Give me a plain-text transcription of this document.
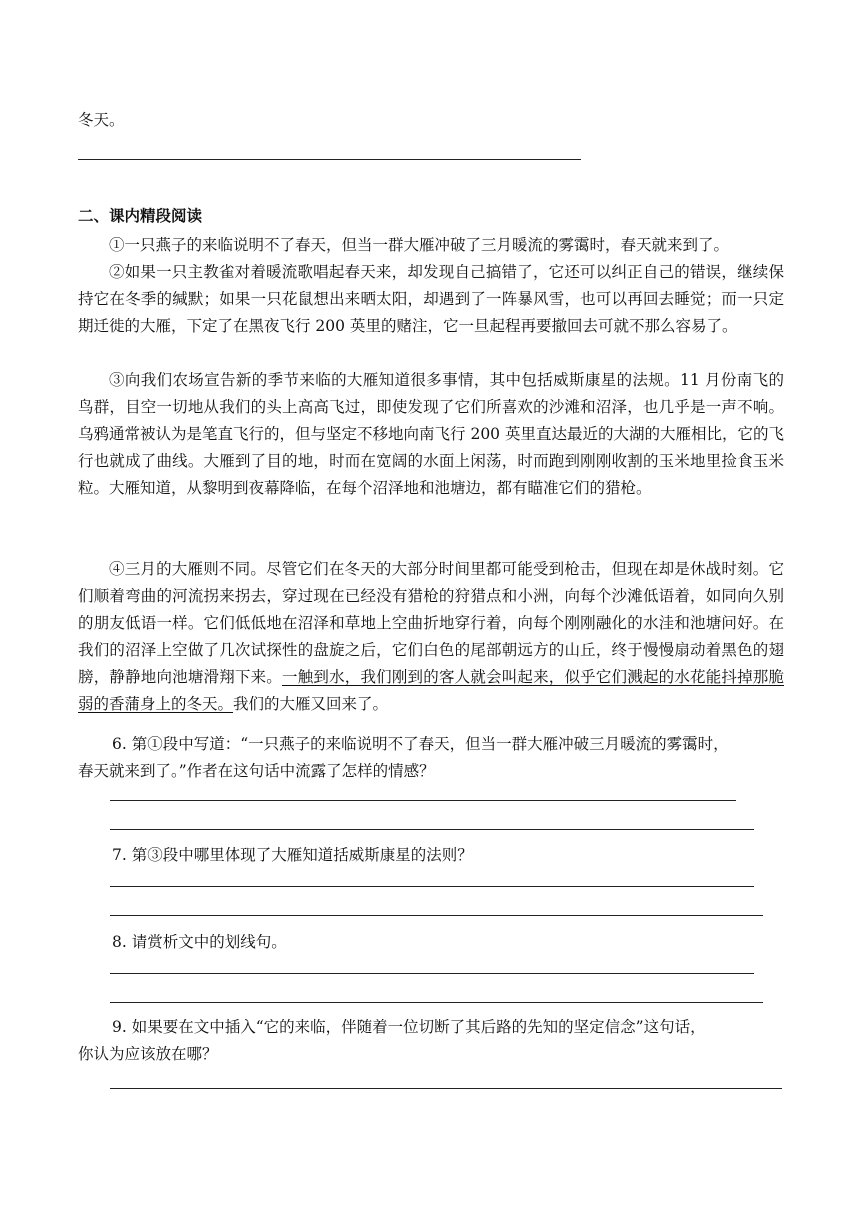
冬天。
二、课内精段阅读

①一只燕子的来临说明不了春天，但当一群大雁冲破了三月暖流的雾霭时，春天就来到了。

②如果一只主教雀对着暖流歌唱起春天来，却发现自己搞错了，它还可以纠正自己的错误，继续保持它在冬季的缄默；如果一只花鼠想出来晒太阳，却遇到了一阵暴风雪，也可以再回去睡觉；而一只定期迁徙的大雁，下定了在黑夜飞行 200 英里的赌注，它一旦起程再要撤回去可就不那么容易了。

③向我们农场宣告新的季节来临的大雁知道很多事情，其中包括威斯康星的法规。11 月份南飞的鸟群，目空一切地从我们的头上高高飞过，即使发现了它们所喜欢的沙滩和沼泽，也几乎是一声不响。乌鸦通常被认为是笔直飞行的，但与坚定不移地向南飞行 200 英里直达最近的大湖的大雁相比，它的飞行也就成了曲线。大雁到了目的地，时而在宽阔的水面上闲荡，时而跑到刚刚收割的玉米地里捡食玉米粒。大雁知道，从黎明到夜幕降临，在每个沼泽地和池塘边，都有瞄准它们的猎枪。

④三月的大雁则不同。尽管它们在冬天的大部分时间里都可能受到枪击，但现在却是休战时刻。它们顺着弯曲的河流拐来拐去，穿过现在已经没有猎枪的狩猎点和小洲，向每个沙滩低语着，如同向久别的朋友低语一样。它们低低地在沼泽和草地上空曲折地穿行着，向每个刚刚融化的水洼和池塘问好。在我们的沼泽上空做了几次试探性的盘旋之后，它们白色的尾部朝远方的山丘，终于慢慢扇动着黑色的翅膀，静静地向池塘滑翔下来。一触到水，我们刚到的客人就会叫起来，似乎它们溅起的水花能抖掉那脆弱的香蒲身上的冬天。我们的大雁又回来了。

6. 第①段中写道：“一只燕子的来临说明不了春天，但当一群大雁冲破三月暖流的雾霭时，
春天就来到了。”作者在这句话中流露了怎样的情感？
7. 第③段中哪里体现了大雁知道括威斯康星的法则？
8. 请赏析文中的划线句。
9. 如果要在文中插入“它的来临，伴随着一位切断了其后路的先知的坚定信念”这句话，
你认为应该放在哪？
